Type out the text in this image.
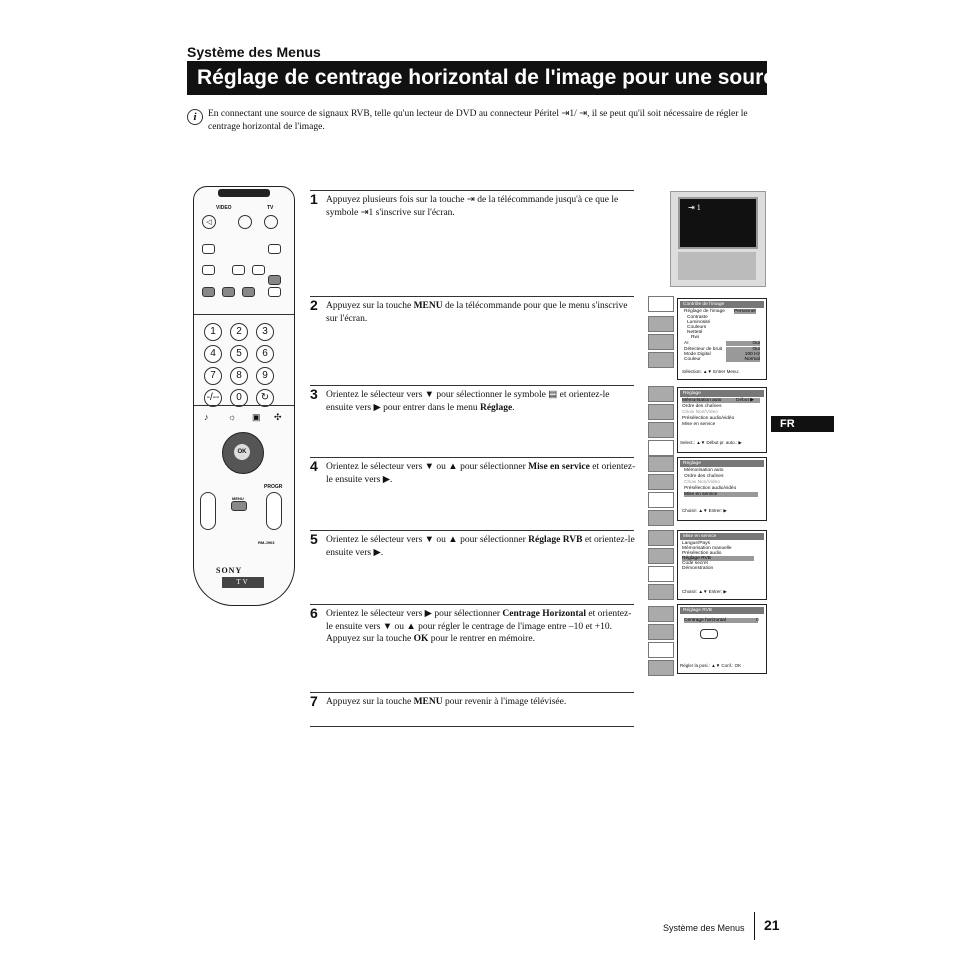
Système des Menus
Réglage de centrage horizontal de l'image pour une source RGB
i	En connectant une source de signaux RVB, telle qu'un lecteur de DVD au connecteur Péritel ⇥1/ ⇥, il se peut qu'il soit nécessaire de régler le centrage horizontal de l'image.
1 Appuyez plusieurs fois sur la touche ⇥ de la télécommande jusqu'à ce que le symbole ⇥1 s'inscrive sur l'écran.
2 Appuyez sur la touche MENU de la télécommande pour que le menu s'inscrive sur l'écran.
3 Orientez le sélecteur vers ▼ pour sélectionner le symbole ▤ et orientez-le ensuite vers ▶ pour entrer dans le menu Réglage.
4 Orientez le sélecteur vers ▼ ou ▲ pour sélectionner Mise en service et orientez-le ensuite vers ▶.
5 Orientez le sélecteur vers ▼ ou ▲ pour sélectionner Réglage RVB et orientez-le ensuite vers ▶.
6 Orientez le sélecteur vers ▶ pour sélectionner Centrage Horizontal et orientez-le ensuite vers ▼ ou ▲ pour régler le centrage de l'image entre –10 et +10. Appuyez sur la touche OK pour le rentrer en mémoire.
7 Appuyez sur la touche MENU pour revenir à l'image télévisée.
VIDEO	TV
◁
1	2	3
4	5	6
7	8	9
-/--	0	↻
♪ ☼ ▣ ✣
OK
PROGR
MENU
RM-J903
SONY
TV
⇥ 1
Contrôle de l'image
Réglage de l'image Personnel
Contraste
Luminosité
Couleurs
Netteté
Rwi
AI
Détecteur de bruit
Mode Digital
Couleur
Oui
Oui
100 Hz
Normal
Sélection: ▲▼ Entrer Menu:
Réglage
Mémorisation auto	Début ▶
Ordre des chaînes
Choix Non/Video
Présélection audio/vidéo
Mise en service
Select.: ▲▼ Début pr. auto.: ▶
Réglage
Mémorisation auto
Ordre des chaînes
Choix Non/Video
Présélection audio/vidéo
Mise en service
Choisir: ▲▼ Entrer: ▶
Mise en service
Langue/Pays
Mémorisation manuelle
Présélection audio
Réglage RVB
Code secret
Démonstration
Choisir: ▲▼ Entrer: ▶
Réglage RVB
Centrage horizontal	0
Régler la posi.: ▲▼ Conf.: OK
FR
Système des Menus 21
